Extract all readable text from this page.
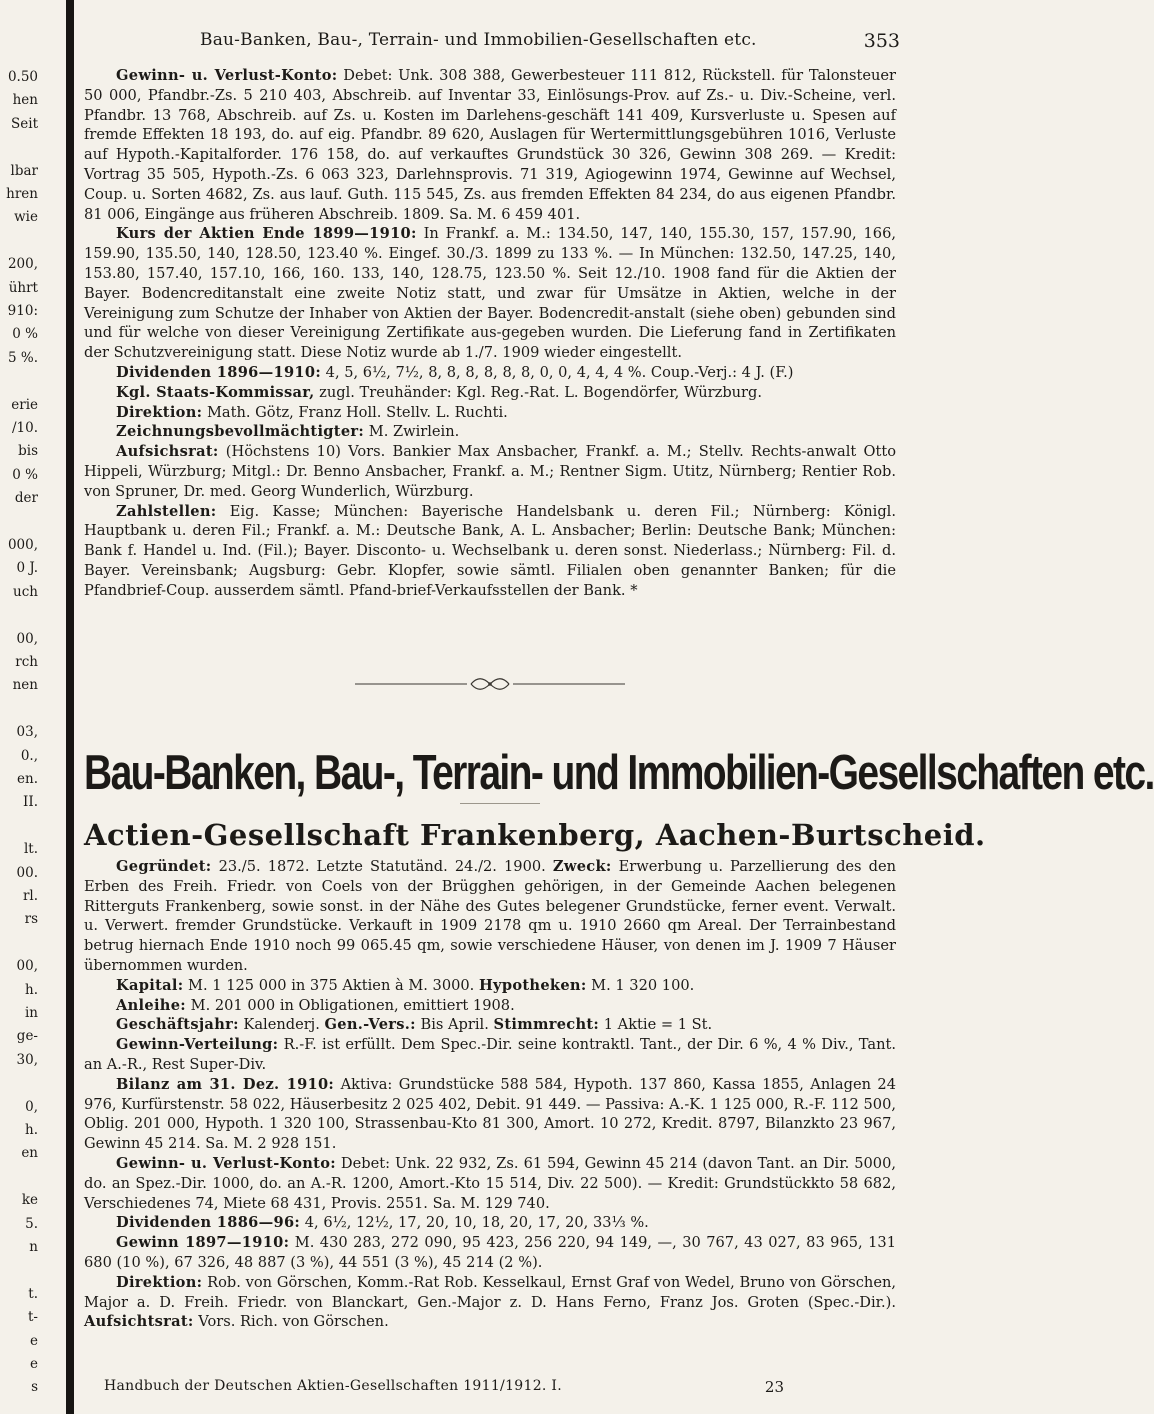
0.50
hen
Seit
lbar
hren
wie
200,
ührt
910:
0 %
5 %.
erie
/10.
bis
0 %
der
000,
0 J.
uch
00,
rch
nen
03,
0.,
en.
II.
lt.
00.
rl.
rs
00,
h.
in
ge-
30,
0,
h.
en
ke
5.
n
t.
t-
e
e
s
Bau-Banken, Bau-, Terrain- und Immobilien-Gesellschaften etc.	353

Gewinn- u. Verlust-Konto: Debet: Unk. 308 388, Gewerbesteuer 111 812, Rückstell. für Talonsteuer 50 000, Pfandbr.-Zs. 5 210 403, Abschreib. auf Inventar 33, Einlösungs-Prov. auf Zs.- u. Div.-Scheine, verl. Pfandbr. 13 768, Abschreib. auf Zs. u. Kosten im Darlehens-geschäft 141 409, Kursverluste u. Spesen auf fremde Effekten 18 193, do. auf eig. Pfandbr. 89 620, Auslagen für Wertermittlungsgebühren 1016, Verluste auf Hypoth.-Kapitalforder. 176 158, do. auf verkauftes Grundstück 30 326, Gewinn 308 269. — Kredit: Vortrag 35 505, Hypoth.-Zs. 6 063 323, Darlehnsprovis. 71 319, Agiogewinn 1974, Gewinne auf Wechsel, Coup. u. Sorten 4682, Zs. aus lauf. Guth. 115 545, Zs. aus fremden Effekten 84 234, do aus eigenen Pfandbr. 81 006, Eingänge aus früheren Abschreib. 1809. Sa. M. 6 459 401.

Kurs der Aktien Ende 1899—1910: In Frankf. a. M.: 134.50, 147, 140, 155.30, 157, 157.90, 166, 159.90, 135.50, 140, 128.50, 123.40 %. Eingef. 30./3. 1899 zu 133 %. — In München: 132.50, 147.25, 140, 153.80, 157.40, 157.10, 166, 160. 133, 140, 128.75, 123.50 %. Seit 12./10. 1908 fand für die Aktien der Bayer. Bodencreditanstalt eine zweite Notiz statt, und zwar für Umsätze in Aktien, welche in der Vereinigung zum Schutze der Inhaber von Aktien der Bayer. Bodencredit-anstalt (siehe oben) gebunden sind und für welche von dieser Vereinigung Zertifikate aus-gegeben wurden. Die Lieferung fand in Zertifikaten der Schutzvereinigung statt. Diese Notiz wurde ab 1./7. 1909 wieder eingestellt.

Dividenden 1896—1910: 4, 5, 6½, 7½, 8, 8, 8, 8, 8, 8, 0, 0, 4, 4, 4 %. Coup.-Verj.: 4 J. (F.)

Kgl. Staats-Kommissar, zugl. Treuhänder: Kgl. Reg.-Rat. L. Bogendörfer, Würzburg.

Direktion: Math. Götz, Franz Holl. Stellv. L. Ruchti.

Zeichnungsbevollmächtigter: M. Zwirlein.

Aufsichsrat: (Höchstens 10) Vors. Bankier Max Ansbacher, Frankf. a. M.; Stellv. Rechts-anwalt Otto Hippeli, Würzburg; Mitgl.: Dr. Benno Ansbacher, Frankf. a. M.; Rentner Sigm. Utitz, Nürnberg; Rentier Rob. von Spruner, Dr. med. Georg Wunderlich, Würzburg.

Zahlstellen: Eig. Kasse; München: Bayerische Handelsbank u. deren Fil.; Nürnberg: Königl. Hauptbank u. deren Fil.; Frankf. a. M.: Deutsche Bank, A. L. Ansbacher; Berlin: Deutsche Bank; München: Bank f. Handel u. Ind. (Fil.); Bayer. Disconto- u. Wechselbank u. deren sonst. Niederlass.; Nürnberg: Fil. d. Bayer. Vereinsbank; Augsburg: Gebr. Klopfer, sowie sämtl. Filialen oben genannter Banken; für die Pfandbrief-Coup. ausserdem sämtl. Pfand-brief-Verkaufsstellen der Bank. *

Bau-Banken, Bau-, Terrain- und Immobilien-Gesellschaften etc.
Actien-Gesellschaft Frankenberg, Aachen-Burtscheid.

Gegründet: 23./5. 1872. Letzte Statutänd. 24./2. 1900. Zweck: Erwerbung u. Parzellierung des den Erben des Freih. Friedr. von Coels von der Brügghen gehörigen, in der Gemeinde Aachen belegenen Ritterguts Frankenberg, sowie sonst. in der Nähe des Gutes belegener Grundstücke, ferner event. Verwalt. u. Verwert. fremder Grundstücke. Verkauft in 1909 2178 qm u. 1910 2660 qm Areal. Der Terrainbestand betrug hiernach Ende 1910 noch 99 065.45 qm, sowie verschiedene Häuser, von denen im J. 1909 7 Häuser übernommen wurden.

Kapital: M. 1 125 000 in 375 Aktien à M. 3000. Hypotheken: M. 1 320 100.

Anleihe: M. 201 000 in Obligationen, emittiert 1908.

Geschäftsjahr: Kalenderj. Gen.-Vers.: Bis April. Stimmrecht: 1 Aktie = 1 St.

Gewinn-Verteilung: R.-F. ist erfüllt. Dem Spec.-Dir. seine kontraktl. Tant., der Dir. 6 %, 4 % Div., Tant. an A.-R., Rest Super-Div.

Bilanz am 31. Dez. 1910: Aktiva: Grundstücke 588 584, Hypoth. 137 860, Kassa 1855, Anlagen 24 976, Kurfürstenstr. 58 022, Häuserbesitz 2 025 402, Debit. 91 449. — Passiva: A.-K. 1 125 000, R.-F. 112 500, Oblig. 201 000, Hypoth. 1 320 100, Strassenbau-Kto 81 300, Amort. 10 272, Kredit. 8797, Bilanzkto 23 967, Gewinn 45 214. Sa. M. 2 928 151.

Gewinn- u. Verlust-Konto: Debet: Unk. 22 932, Zs. 61 594, Gewinn 45 214 (davon Tant. an Dir. 5000, do. an Spez.-Dir. 1000, do. an A.-R. 1200, Amort.-Kto 15 514, Div. 22 500). — Kredit: Grundstückkto 58 682, Verschiedenes 74, Miete 68 431, Provis. 2551. Sa. M. 129 740.

Dividenden 1886—96: 4, 6½, 12½, 17, 20, 10, 18, 20, 17, 20, 33⅓ %.

Gewinn 1897—1910: M. 430 283, 272 090, 95 423, 256 220, 94 149, —, 30 767, 43 027, 83 965, 131 680 (10 %), 67 326, 48 887 (3 %), 44 551 (3 %), 45 214 (2 %).

Direktion: Rob. von Görschen, Komm.-Rat Rob. Kesselkaul, Ernst Graf von Wedel, Bruno von Görschen, Major a. D. Freih. Friedr. von Blanckart, Gen.-Major z. D. Hans Ferno, Franz Jos. Groten (Spec.-Dir.). Aufsichtsrat: Vors. Rich. von Görschen.

Handbuch der Deutschen Aktien-Gesellschaften 1911/1912. I.	23
